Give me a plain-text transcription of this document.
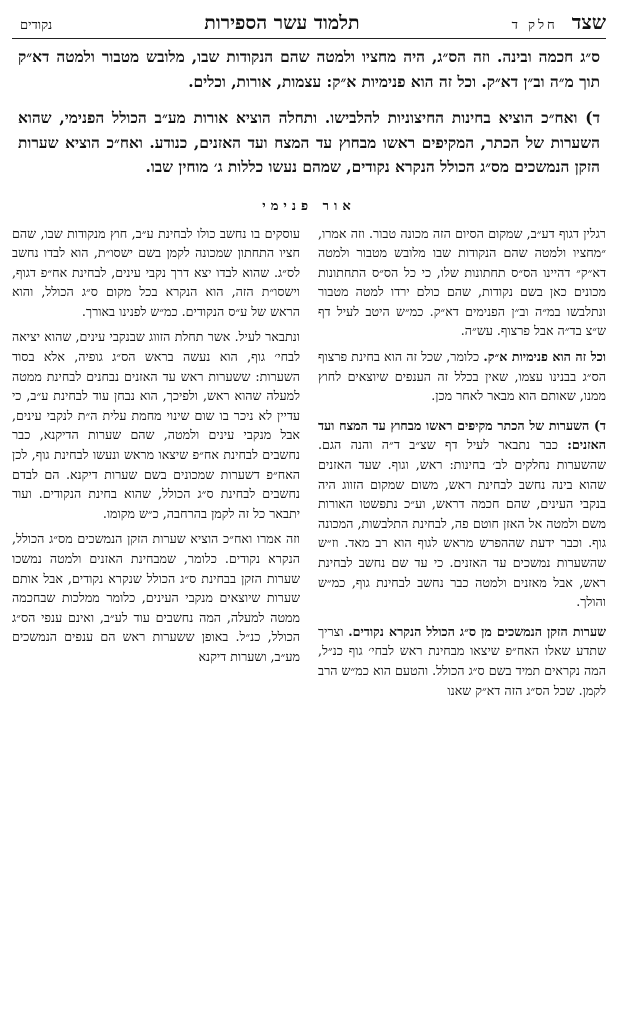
שצד
חלק ד
תלמוד עשר הספירות
נקודים
ס״ג חכמה ובינה. וזה הס״ג, היה מחציו ולמטה שהם הנקודות שבו, מלובש מטבור ולמטה דא״ק תוך מ״ה וב״ן דא״ק. וכל זה הוא פנימיות א״ק: עצמות, אורות, וכלים.
ד) ואח״כ הוציא בחינות החיצוניות להלבישו. ותחלה הוציא אורות מע״ב הכולל הפנימי, שהוא השערות של הכתר, המקיפים ראשו מבחוץ עד המצח ועד האזנים, כנודע. ואח״כ הוציא שערות הזקן הנמשכים מס״ג הכולל הנקרא נקודים, שמהם נעשו כללות ג׳ מוחין שבו.
אור פנימי

רגלין דגוף דע״ב, שמקום הסיום הזה מכונה טבור. וזה אמרו, ״מחציו ולמטה שהם הנקודות שבו מלובש מטבור ולמטה דא״ק״ דהיינו הס״ס תחתונות שלו, כי כל הס״ס התחתונות מכונים כאן בשם נקודות, שהם כולם ירדו למטה מטבור ונתלבשו במ״ה וב״ן הפנימים דא״ק. כמ״ש היטב לעיל דף ש״צ בד״ה אבל פרצוף. עש״ה.

וכל זה הוא פנימיות א״ק. כלומר, שכל זה הוא בחינת פרצוף הס״ג בבנינו עצמו, שאין בכלל זה הענפים שיוצאים לחוץ ממנו, שאותם הוא מבאר לאחר מכן.

ד) השערות של הכתר מקיפים ראשו מבחוץ עד המצח ועד האזנים: כבר נתבאר לעיל דף שצ״ב ד״ה והנה הגם. שהשערות נחלקים לב׳ בחינות: ראש, וגוף. שעד האזנים שהוא בינה נחשב לבחינת ראש, משום שמקום הזווג היה בנקבי העינים, שהם חכמה דראש, וע״כ נתפשטו האורות משם ולמטה אל האזן חוטם פה, לבחינת התלבשות, המכונה גוף. וכבר ידעת שההפרש מראש לגוף הוא רב מאד. וז״ש שהשערות נמשכים עד האזנים. כי עד שם נחשב לבחינת ראש, אבל מאזנים ולמטה כבר נחשב לבחינת גוף, כמ״ש והולך.

שערות הזקן הנמשכים מן ס״ג הכולל הנקרא נקודים. וצריך שתדע שאלו האח״פ שיצאו מבחינת ראש לבחי׳ גוף כנ״ל, המה נקראים תמיד בשם ס״ג הכולל. והטעם הוא כמ״ש הרב לקמן. שכל הס״ג הזה דא״ק שאנו

עוסקים בו נחשב כולו לבחינת ע״ב, חוץ מנקודות שבו, שהם חציו התחתון שמכונה לקמן בשם ישסו״ת, הוא לבדו נחשב לס״ג. שהוא לבדו יצא דרך נקבי עינים, לבחינת אח״פ דגוף, וישסו״ת הזה, הוא הנקרא בכל מקום ס״ג הכולל, והוא הראש של ע״ס הנקודים. כמ״ש לפנינו באורך.

ונתבאר לעיל. אשר תחלת הזווג שבנקבי עינים, שהוא יציאה לבחי׳ גוף, הוא נעשה בראש הס״ג גופיה, אלא בסוד השערות: ששערות ראש עד האזנים נבחנים לבחינת ממטה למעלה שהוא ראש, ולפיכך, הוא נבחן עוד לבחינת ע״ב, כי עדיין לא ניכר בו שום שינוי מחמת עלית ה״ת לנקבי עינים, אבל מנקבי עינים ולמטה, שהם שערות הדיקנא, כבר נחשבים לבחינת אח״פ שיצאו מראש ונעשו לבחינת גוף, לכן האח״פ דשערות שמכונים בשם שערות דיקנא. הם לבדם נחשבים לבחינת ס״ג הכולל, שהוא בחינת הנקודים. ועוד יתבאר כל זה לקמן בהרחבה, כ״ש מקומו.

וזה אמרו ואח״כ הוציא שערות הזקן הנמשכים מס״ג הכולל, הנקרא נקודים. כלומר, שמבחינת האזנים ולמטה נמשכו שערות הזקן בבחינת ס״ג הכולל שנקרא נקודים, אבל אותם שערות שיוצאים מנקבי העינים, כלומר ממלכות שבחכמה ממטה למעלה, המה נחשבים עוד לע״ב, ואינם ענפי הס״ג הכולל, כנ״ל. באופן ששערות ראש הם ענפים הנמשכים מע״ב, ושערות דיקנא
